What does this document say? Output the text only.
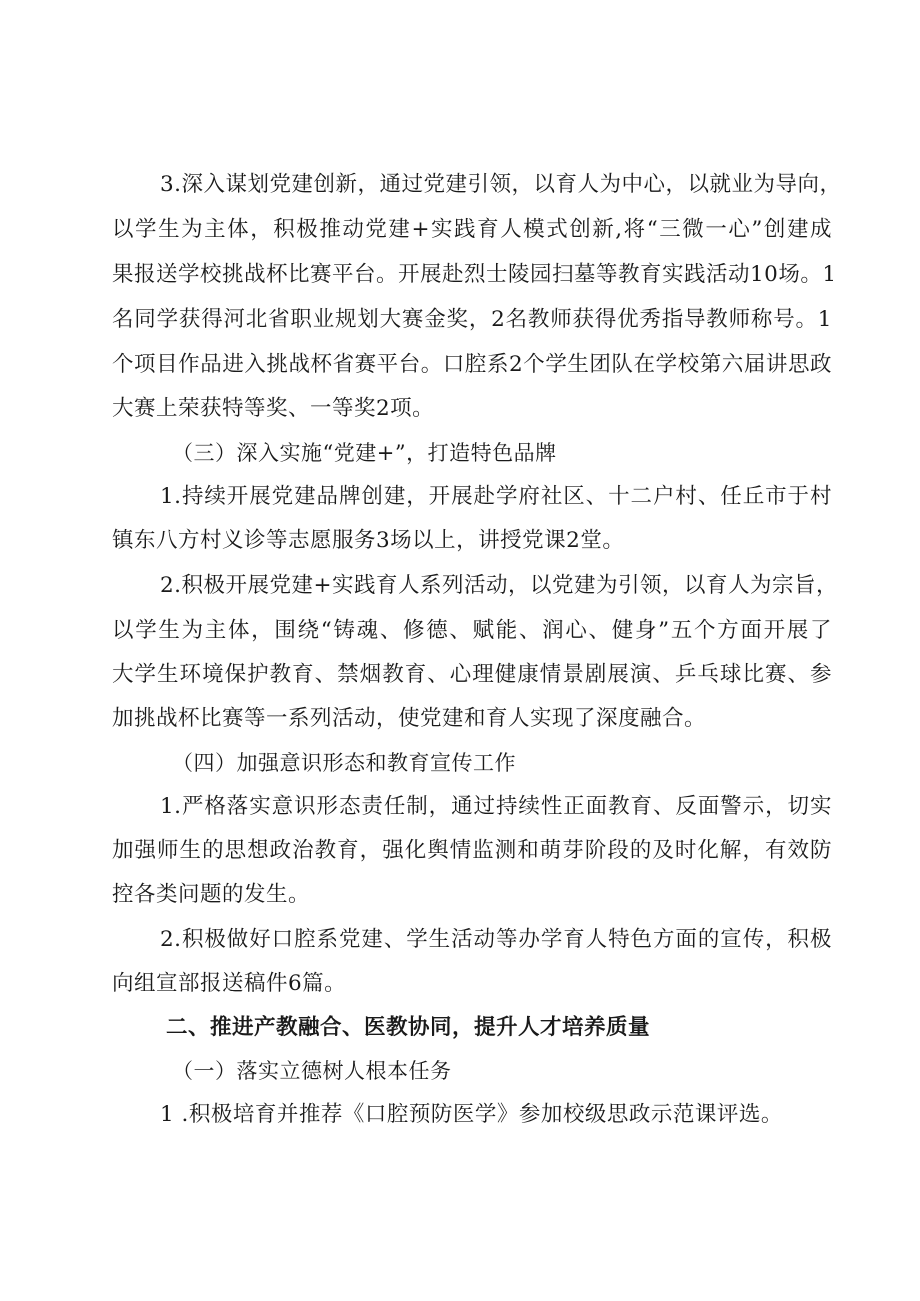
3.深入谋划党建创新，通过党建引领，以育人为中心，以就业为导向，
以学生为主体，积极推动党建+实践育人模式创新,将“三微一心”创建成
果报送学校挑战杯比赛平台。开展赴烈士陵园扫墓等教育实践活动10场。1
名同学获得河北省职业规划大赛金奖，2名教师获得优秀指导教师称号。1
个项目作品进入挑战杯省赛平台。口腔系2个学生团队在学校第六届讲思政
大赛上荣获特等奖、一等奖2项。
（三）深入实施“党建+”，打造特色品牌
1.持续开展党建品牌创建，开展赴学府社区、十二户村、任丘市于村
镇东八方村义诊等志愿服务3场以上，讲授党课2堂。
2.积极开展党建+实践育人系列活动，以党建为引领，以育人为宗旨，
以学生为主体，围绕“铸魂、修德、赋能、润心、健身”五个方面开展了
大学生环境保护教育、禁烟教育、心理健康情景剧展演、乒乓球比赛、参
加挑战杯比赛等一系列活动，使党建和育人实现了深度融合。
（四）加强意识形态和教育宣传工作
1.严格落实意识形态责任制，通过持续性正面教育、反面警示，切实
加强师生的思想政治教育，强化舆情监测和萌芽阶段的及时化解，有效防
控各类问题的发生。
2.积极做好口腔系党建、学生活动等办学育人特色方面的宣传，积极
向组宣部报送稿件6篇。
二、推进产教融合、医教协同，提升人才培养质量
（一）落实立德树人根本任务
1 .积极培育并推荐《口腔预防医学》参加校级思政示范课评选。
